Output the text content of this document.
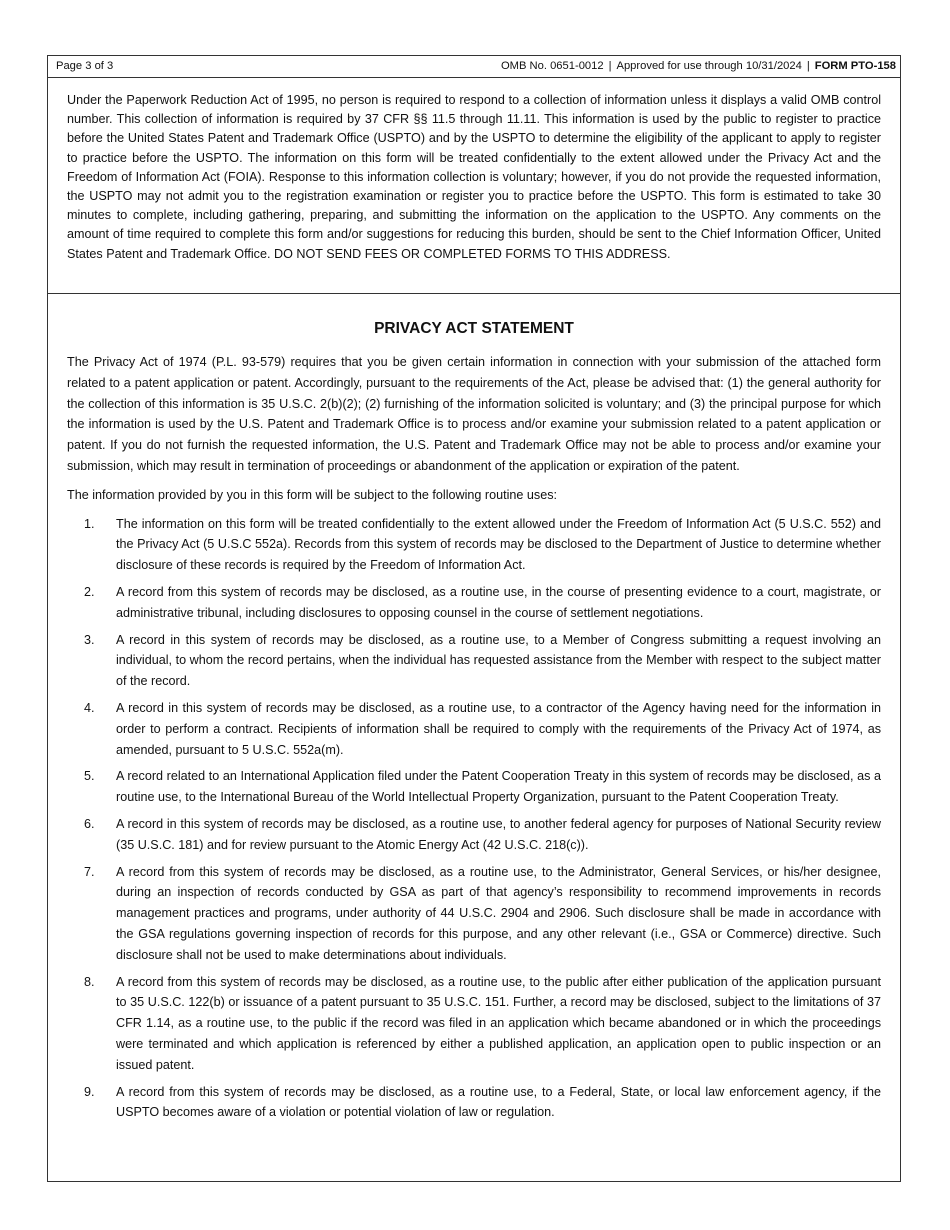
Page 3 of 3	OMB No. 0651-0012 | Approved for use through 10/31/2024 | FORM PTO-158
Under the Paperwork Reduction Act of 1995, no person is required to respond to a collection of information unless it displays a valid OMB control number. This collection of information is required by 37 CFR §§ 11.5 through 11.11. This information is used by the public to register to practice before the United States Patent and Trademark Office (USPTO) and by the USPTO to determine the eligibility of the applicant to apply to register to practice before the USPTO. The information on this form will be treated confidentially to the extent allowed under the Privacy Act and the Freedom of Information Act (FOIA). Response to this information collection is voluntary; however, if you do not provide the requested information, the USPTO may not admit you to the registration examination or register you to practice before the USPTO. This form is estimated to take 30 minutes to complete, including gathering, preparing, and submitting the information on the application to the USPTO. Any comments on the amount of time required to complete this form and/or suggestions for reducing this burden, should be sent to the Chief Information Officer, United States Patent and Trademark Office. DO NOT SEND FEES OR COMPLETED FORMS TO THIS ADDRESS.
PRIVACY ACT STATEMENT

The Privacy Act of 1974 (P.L. 93-579) requires that you be given certain information in connection with your submission of the attached form related to a patent application or patent. Accordingly, pursuant to the requirements of the Act, please be advised that: (1) the general authority for the collection of this information is 35 U.S.C. 2(b)(2); (2) furnishing of the information solicited is voluntary; and (3) the principal purpose for which the information is used by the U.S. Patent and Trademark Office is to process and/or examine your submission related to a patent application or patent. If you do not furnish the requested information, the U.S. Patent and Trademark Office may not be able to process and/or examine your submission, which may result in termination of proceedings or abandonment of the application or expiration of the patent.

The information provided by you in this form will be subject to the following routine uses:

1. The information on this form will be treated confidentially to the extent allowed under the Freedom of Information Act (5 U.S.C. 552) and the Privacy Act (5 U.S.C 552a). Records from this system of records may be disclosed to the Department of Justice to determine whether disclosure of these records is required by the Freedom of Information Act.
2. A record from this system of records may be disclosed, as a routine use, in the course of presenting evidence to a court, magistrate, or administrative tribunal, including disclosures to opposing counsel in the course of settlement negotiations.
3. A record in this system of records may be disclosed, as a routine use, to a Member of Congress submitting a request involving an individual, to whom the record pertains, when the individual has requested assistance from the Member with respect to the subject matter of the record.
4. A record in this system of records may be disclosed, as a routine use, to a contractor of the Agency having need for the information in order to perform a contract. Recipients of information shall be required to comply with the requirements of the Privacy Act of 1974, as amended, pursuant to 5 U.S.C. 552a(m).
5. A record related to an International Application filed under the Patent Cooperation Treaty in this system of records may be disclosed, as a routine use, to the International Bureau of the World Intellectual Property Organization, pursuant to the Patent Cooperation Treaty.
6. A record in this system of records may be disclosed, as a routine use, to another federal agency for purposes of National Security review (35 U.S.C. 181) and for review pursuant to the Atomic Energy Act (42 U.S.C. 218(c)).
7. A record from this system of records may be disclosed, as a routine use, to the Administrator, General Services, or his/her designee, during an inspection of records conducted by GSA as part of that agency’s responsibility to recommend improvements in records management practices and programs, under authority of 44 U.S.C. 2904 and 2906. Such disclosure shall be made in accordance with the GSA regulations governing inspection of records for this purpose, and any other relevant (i.e., GSA or Commerce) directive. Such disclosure shall not be used to make determinations about individuals.
8. A record from this system of records may be disclosed, as a routine use, to the public after either publication of the application pursuant to 35 U.S.C. 122(b) or issuance of a patent pursuant to 35 U.S.C. 151. Further, a record may be disclosed, subject to the limitations of 37 CFR 1.14, as a routine use, to the public if the record was filed in an application which became abandoned or in which the proceedings were terminated and which application is referenced by either a published application, an application open to public inspection or an issued patent.
9. A record from this system of records may be disclosed, as a routine use, to a Federal, State, or local law enforcement agency, if the USPTO becomes aware of a violation or potential violation of law or regulation.
